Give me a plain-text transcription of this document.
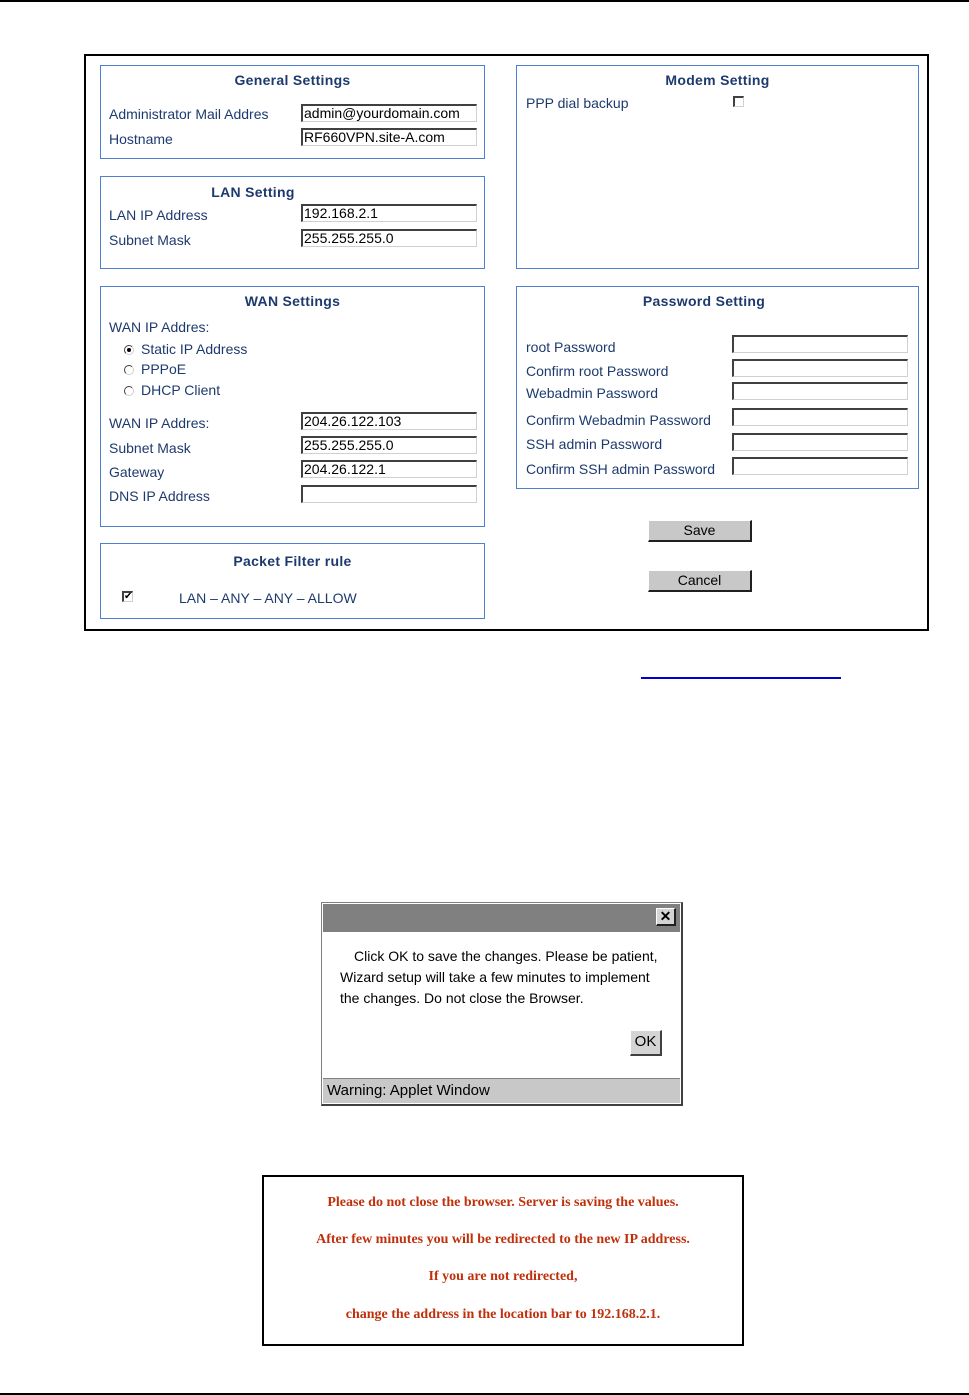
General Settings
Administrator Mail Addres	admin@yourdomain.com
Hostname	RF660VPN.site-A.com
LAN Setting
LAN IP Address	192.168.2.1
Subnet Mask	255.255.255.0
WAN Settings
WAN IP Addres:
Static IP Address
PPPoE
DHCP Client
WAN IP Addres:	204.26.122.103
Subnet Mask	255.255.255.0
Gateway	204.26.122.1
DNS IP Address
Packet Filter rule
✔	LAN – ANY – ANY – ALLOW
Modem Setting
PPP dial backup
Password Setting
root Password
Confirm root Password
Webadmin Password
Confirm Webadmin Password
SSH admin Password
Confirm SSH admin Password
Save
Cancel
✕
Click OK to save the changes. Please be patient, Wizard setup will take a few minutes to implement the changes. Do not close the Browser.
OK
Warning: Applet Window
Please do not close the browser. Server is saving the values.
After few minutes you will be redirected to the new IP address.
If you are not redirected,
change the address in the location bar to 192.168.2.1.
